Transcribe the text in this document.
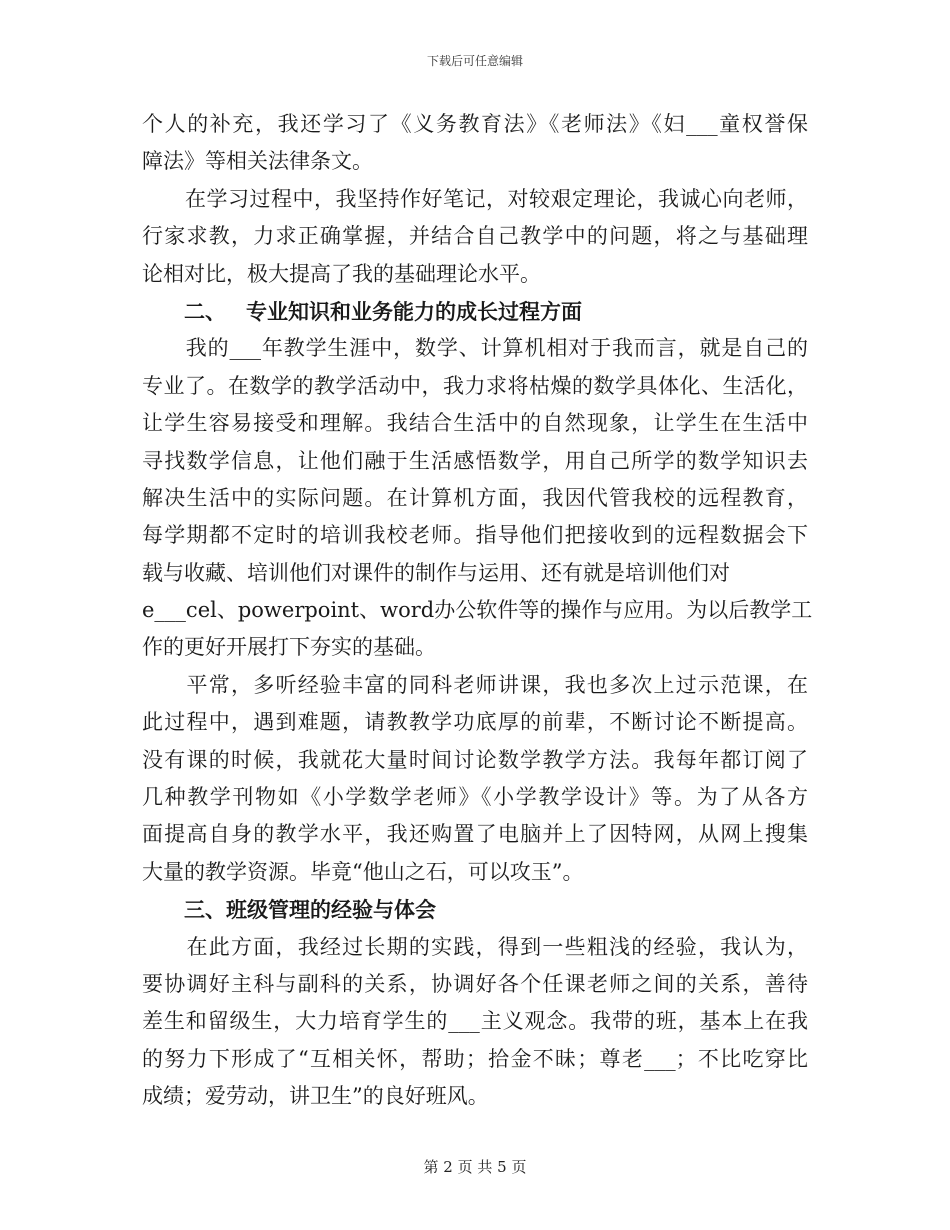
下载后可任意编辑
个人的补充，我还学习了《义务教育法》《老师法》《妇___童权誉保
障法》等相关法律条文。
　　在学习过程中，我坚持作好笔记，对较艰定理论，我诚心向老师，
行家求教，力求正确掌握，并结合自己教学中的问题，将之与基础理
论相对比，极大提高了我的基础理论水平。
　　二、 专业知识和业务能力的成长过程方面
　　我的___年教学生涯中，数学、计算机相对于我而言，就是自己的
专业了。在数学的教学活动中，我力求将枯燥的数学具体化、生活化，
让学生容易接受和理解。我结合生活中的自然现象，让学生在生活中
寻找数学信息，让他们融于生活感悟数学，用自己所学的数学知识去
解决生活中的实际问题。在计算机方面，我因代管我校的远程教育，
每学期都不定时的培训我校老师。指导他们把接收到的远程数据会下
载与收藏、培训他们对课件的制作与运用、还有就是培训他们对
e___cel、powerpoint、word办公软件等的操作与应用。为以后教学工
作的更好开展打下夯实的基础。
　　平常，多听经验丰富的同科老师讲课，我也多次上过示范课，在
此过程中，遇到难题，请教教学功底厚的前辈，不断讨论不断提高。
没有课的时候，我就花大量时间讨论数学教学方法。我每年都订阅了
几种教学刊物如《小学数学老师》《小学教学设计》等。为了从各方
面提高自身的教学水平，我还购置了电脑并上了因特网，从网上搜集
大量的教学资源。毕竟“他山之石，可以攻玉”。
　　三、班级管理的经验与体会
　　在此方面，我经过长期的实践，得到一些粗浅的经验，我认为，
要协调好主科与副科的关系，协调好各个任课老师之间的关系，善待
差生和留级生，大力培育学生的___主义观念。我带的班，基本上在我
的努力下形成了“互相关怀，帮助；拾金不昧；尊老___；不比吃穿比
成绩；爱劳动，讲卫生”的良好班风。
第 2 页 共 5 页
